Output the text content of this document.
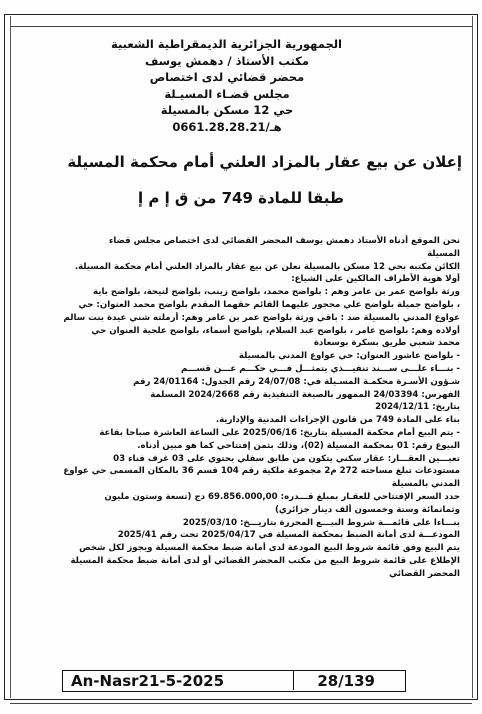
الجمهورية الجزائرية الديمقراطية الشعبية
مكتب الأستاذ / دهمش يوسف
محضر قضائي لدى اختصاص
مجلس قضـاء المسيـلة
حي 12 مسكن بالمسيلة
هـ/0661.28.28.21
إعلان عن بيع عقار بالمزاد العلني أمام محكمة المسيلة
طبقا للمادة 749 من ق إ م إ
نحن الموقع أدناه الأستاذ دهمش يوسف المحضر القضائي لدى اختصاص مجلس قضاء
المسيلة
الكائن مكتبه بحي 12 مسكن بالمسيلة نعلن عن بيع عقار بالمزاد العلني أمام محكمة المسيلة.
أولا هوية الأطراف المالكين على الشياع:
ورثة بلواضح عمر بن عامر وهم : بلواضح محمد، بلواضح زينب، بلواضح لنيحة، بلواضح باية
، بلواضح جميلة بلواضح علي محجور عليهما القائم حقهما المقدم بلواضح محمد العنوان: حي
عواوع المدني بالمسيلة ضد : باقي ورثة بلواضح عمر بن عامر وهم: أرملته شني عيدة بنت سالم
أولاده وهم: بلواضح عامر ، بلواضح عبد السلام، بلواضح أسماء، بلواضح علجية العنوان حي
محمد شعبي طريق بسكرة بوسعادة
- بلواضح عاشور العنوان: حي عواوع المدني بالمسيلة
- بنـــاء علـــى ســـند تنفيـــذي يتمثـــل فـــي حكـــم عـــن قســـم
شـؤون الأسـرة محكمـة المسـيلة في: 24/07/08 رقم الجدول: 24/01164 رقم
الفهرس: 24/03394 الممهور بالصيغة التنفيذية رقم 2024/2668 المسلمة
بتاريخ: 2024/12/11
بناء على المادة 749 من قانون الإجراءات المدنية والإدارية.
- يتم البيع أمام محكمة المسيلة بتاريخ: 2025/06/16 على الساعة العاشرة صباحا بقاعة
البيوع رقم: 01 بمحكمة المسيلة (02)، وذلك بثمن إفتتاحي كما هو مبين أدناه.
تعيـــين العقـــار: عقار سكني يتكون من طابق سفلي يحتوي على 03 غرف فناء 03
مستودعات تبلغ مساحته 272 م2 مجموعة ملكية رقم 104 قسم 36 بالمكان المسمى حي عواوع
المدني بالمسيلة
حدد السعر الإفتتاحي للعقـار بمبلغ قـــدره: 69.856.000,00 دج (تسعة وستون مليون
وثمانمائة وستة وخمسون ألف دينار جزائري)
بنـــاءا على قائمـــة شروط البيـــع المحررة بتاريـــخ: 2025/03/10
المودعـــة لدى أمانة الضبط بمحكمة المسيلة في 2025/04/17 تحت رقم 2025/41
يتم البيع وفق قائمة شروط البيع المودعة لدى أمانة ضبط محكمة المسيلة ويجوز لكل شخص
الإطلاع على قائمة شروط البيع من مكتب المحضر القضائي أو لدى أمانة ضبط محكمة المسيلة
المحضر القضائي
An-Nasr21-5-2025	28/139
